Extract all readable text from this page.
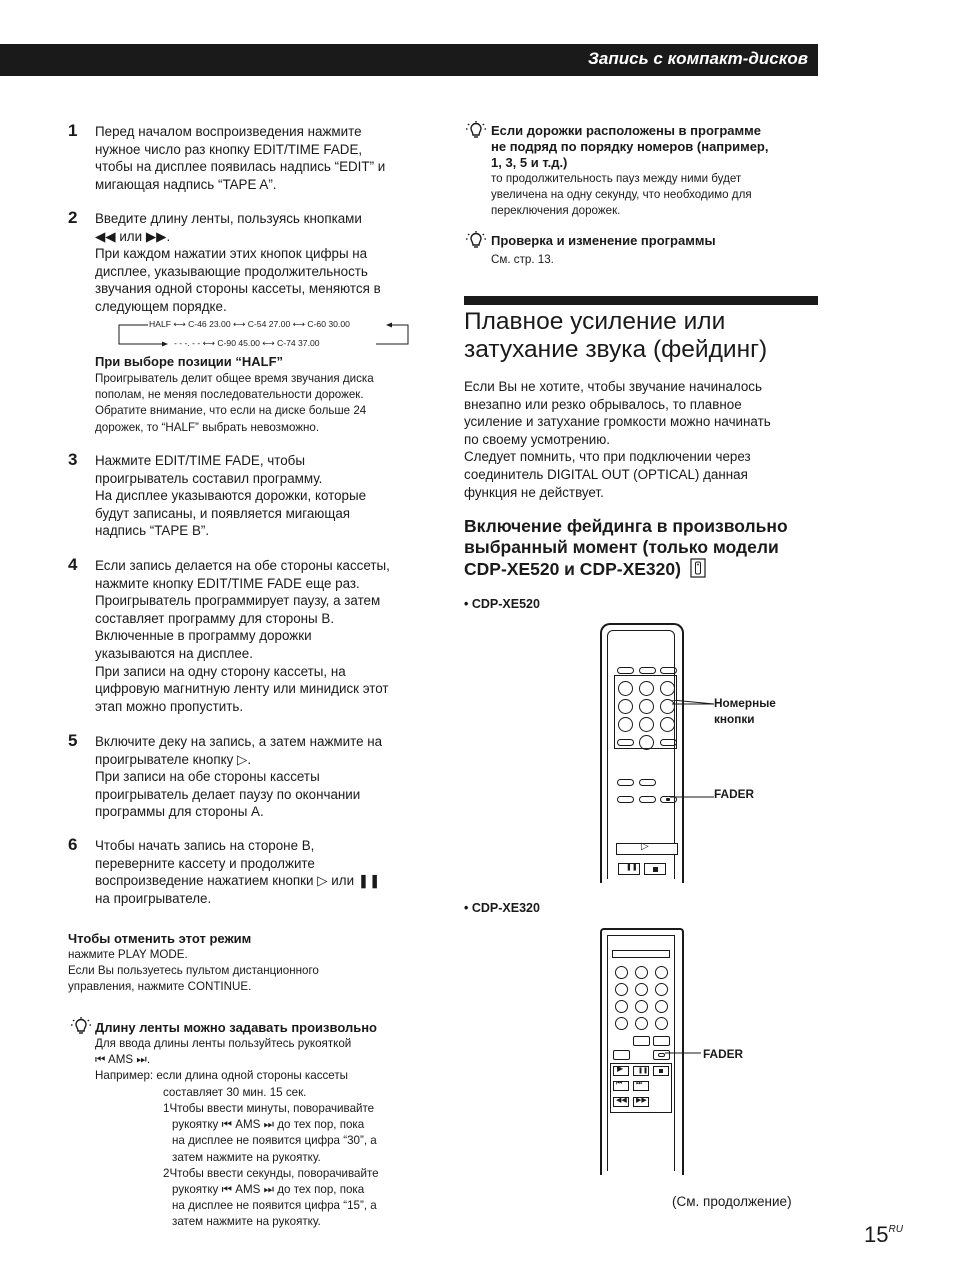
Запись с компакт-дисков
1	Перед началом воспроизведения нажмите
нужное число раз кнопку EDIT/TIME FADE,
чтобы на дисплее появилась надпись “EDIT” и
мигающая надпись “TAPE A”.
2	Введите длину ленты, пользуясь кнопками
◀◀ или ▶▶.
При каждом нажатии этих кнопок цифры на
дисплее, указывающие продолжительность
звучания одной стороны кассеты, меняются в
следующем порядке.
HALF ⟷ C-46 23.00 ⟷ C-54 27.00 ⟷ C-60 30.00
- - -. - - ⟷ C-90 45.00 ⟷ C-74 37.00
При выборе позиции “HALF”
Проигрыватель делит общее время звучания диска
пополам, не меняя последовательности дорожек.
Обратите внимание, что если на диске больше 24
дорожек, то “HALF” выбрать невозможно.
3	Нажмите EDIT/TIME FADE, чтобы
проигрыватель составил программу.
На дисплее указываются дорожки, которые
будут записаны, и появляется мигающая
надпись “TAPE B”.
4	Если запись делается на обе стороны кассеты,
нажмите кнопку EDIT/TIME FADE еще раз.
Проигрыватель программирует паузу, а затем
составляет программу для стороны B.
Включенные в программу дорожки
указываются на дисплее.
При записи на одну сторону кассеты, на
цифровую магнитную ленту или минидиск этот
этап можно пропустить.
5	Включите деку на запись, а затем нажмите на
проигрывателе кнопку ▷.
При записи на обе стороны кассеты
проигрыватель делает паузу по окончании
программы для стороны A.
6	Чтобы начать запись на стороне B,
переверните кассету и продолжите
воспроизведение нажатием кнопки ▷ или ❚❚
на проигрывателе.
Чтобы отменить этот режим
нажмите PLAY MODE.
Если Вы пользуетесь пультом дистанционного
управления, нажмите CONTINUE.
Длину ленты можно задавать произвольно
Для ввода длины ленты пользуйтесь рукояткой
⏮ AMS ⏭.
Например: если длина одной стороны кассеты
составляет 30 мин. 15 сек.
1Чтобы ввести минуты, поворачивайте
рукоятку ⏮ AMS ⏭ до тех пор, пока
на дисплее не появится цифра “30”, а
затем нажмите на рукоятку.
2Чтобы ввести секунды, поворачивайте
рукоятку ⏮ AMS ⏭ до тех пор, пока
на дисплее не появится цифра “15”, а
затем нажмите на рукоятку.
Если дорожки расположены в программе
не подряд по порядку номеров (например,
1, 3, 5 и т.д.)
то продолжительность пауз между ними будет
увеличена на одну секунду, что необходимо для
переключения дорожек.
Проверка и изменение программы
См. стр. 13.
Плавное усиление или
затухание звука (фейдинг)
Если Вы не хотите, чтобы звучание начиналось
внезапно или резко обрывалось, то плавное
усиление и затухание громкости можно начинать
по своему усмотрению.
Следует помнить, что при подключении через
соединитель DIGITAL OUT (OPTICAL) данная
функция не действует.
Включение фейдинга в произвольно
выбранный момент (только модели
CDP-XE520 и CDP-XE320)
• CDP-XE520
▷
❚❚
Номерные
кнопки
FADER
• CDP-XE320
▶ ❚❚
⏮ ⏭
◀◀ ▶▶
FADER
(См. продолжение)
$15^{RU}$
